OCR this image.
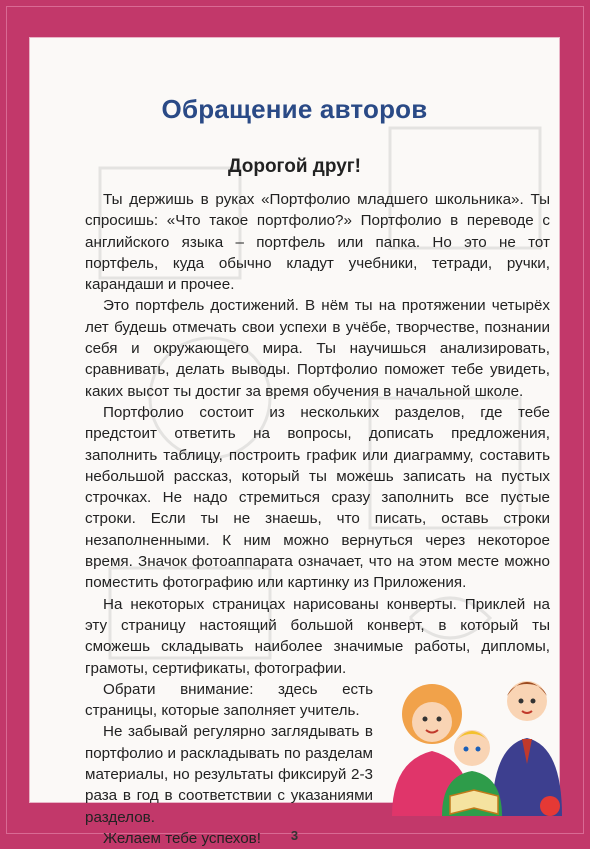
Обращение авторов
Дорогой друг!

Ты держишь в руках «Портфолио младшего школьника». Ты спросишь: «Что такое портфолио?» Портфолио в переводе с английского языка – портфель или папка. Но это не тот портфель, куда обычно кладут учебники, тетради, ручки, карандаши и прочее.

Это портфель достижений. В нём ты на протяжении четырёх лет будешь отмечать свои успехи в учёбе, творчестве, познании себя и окружающего мира. Ты научишься анализировать, сравнивать, делать выводы. Портфолио поможет тебе увидеть, каких высот ты достиг за время обучения в начальной школе.

Портфолио состоит из нескольких разделов, где тебе предстоит ответить на вопросы, дописать предложения, заполнить таблицу, построить график или диаграмму, составить небольшой рассказ, который ты можешь записать на пустых строчках. Не надо стремиться сразу заполнить все пустые строки. Если ты не знаешь, что писать, оставь строки незаполненными. К ним можно вернуться через некоторое время. Значок фотоаппарата означает, что на этом месте можно поместить фотографию или картинку из Приложения.

На некоторых страницах нарисованы конверты. Приклей на эту страницу настоящий большой конверт, в который ты сможешь складывать наиболее значимые работы, дипломы, грамоты, сертификаты, фотографии.

Обрати внимание: здесь есть страницы, которые заполняет учитель.

Не забывай регулярно заглядывать в портфолио и раскладывать по разделам материалы, но результаты фиксируй 2-3 раза в год в соответствии с указаниями разделов.

Желаем тебе успехов!	3
